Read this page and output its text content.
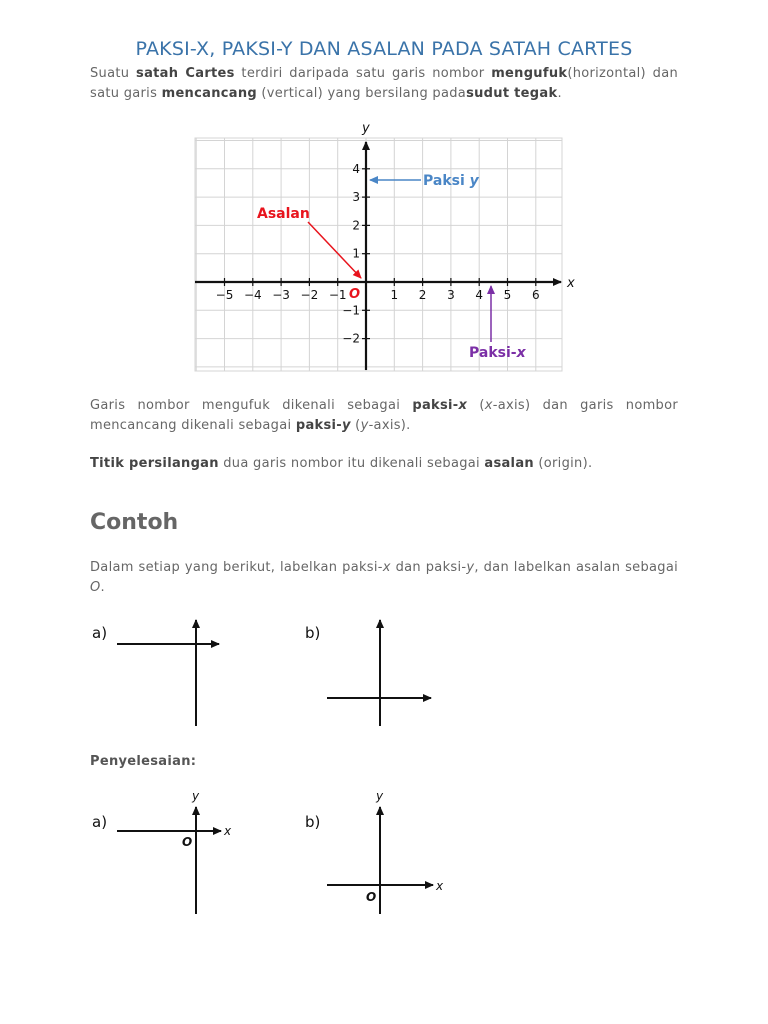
PAKSI-X, PAKSI-Y DAN ASALAN PADA SATAH CARTES

Suatu satah Cartes terdiri daripada satu garis nombor mengufuk(horizontal) dan satu garis mencancang (vertical) yang bersilang padasudut tegak.

−5 −4 −3 −2 −1	1 2 3 4 5 6
4
3
2
1
−1
−2
x
y
O
Asalan
Paksi y
Paksi-x
a)	b)
a)	x
y
O
b)
x
y
O

Garis nombor mengufuk dikenali sebagai paksi-x (x-axis) dan garis nombor mencancang dikenali sebagai paksi-y (y-axis).

Titik persilangan dua garis nombor itu dikenali sebagai asalan (origin).

Contoh

Dalam setiap yang berikut, labelkan paksi-x dan paksi-y, dan labelkan asalan sebagai O.

Penyelesaian:
